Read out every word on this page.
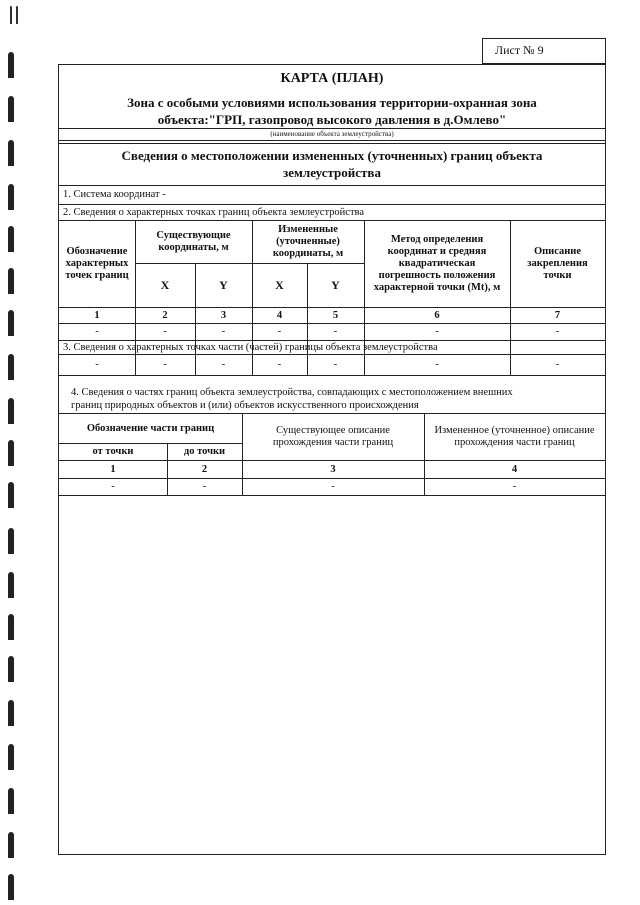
Лист № 9
КАРТА (ПЛАН)
Зона с особыми условиями использования территории-охранная зона
объекта:"ГРП, газопровод высокого давления в д.Омлево"
(наименование объекта землеустройства)
Сведения о местоположении измененных (уточненных) границ объекта
землеустройства
1. Система координат -
2. Сведения о характерных точках границ объекта землеустройства
Обозначение характерных точек границ
Существующие координаты, м
Измененные (уточненные) координаты, м
Метод определения координат и средняя квадратическая погрешность положения характерной точки (Mt), м
Описание закрепления точки
X	Y	X	Y
1	2	3	4	5	6	7
-	-	-	-	-	-	-
3. Сведения о характерных точках части (частей) границы объекта землеустройства
-	-	-	-	-	-	-
4. Сведения о частях границ объекта землеустройства, совпадающих с местоположением внешних
границ природных объектов и (или) объектов искусственного происхождения
Обозначение части границ
от точки	до точки
Существующее описание прохождения части границ
Измененное (уточненное) описание прохождения части границ
1	2	3	4
-	-	-	-
